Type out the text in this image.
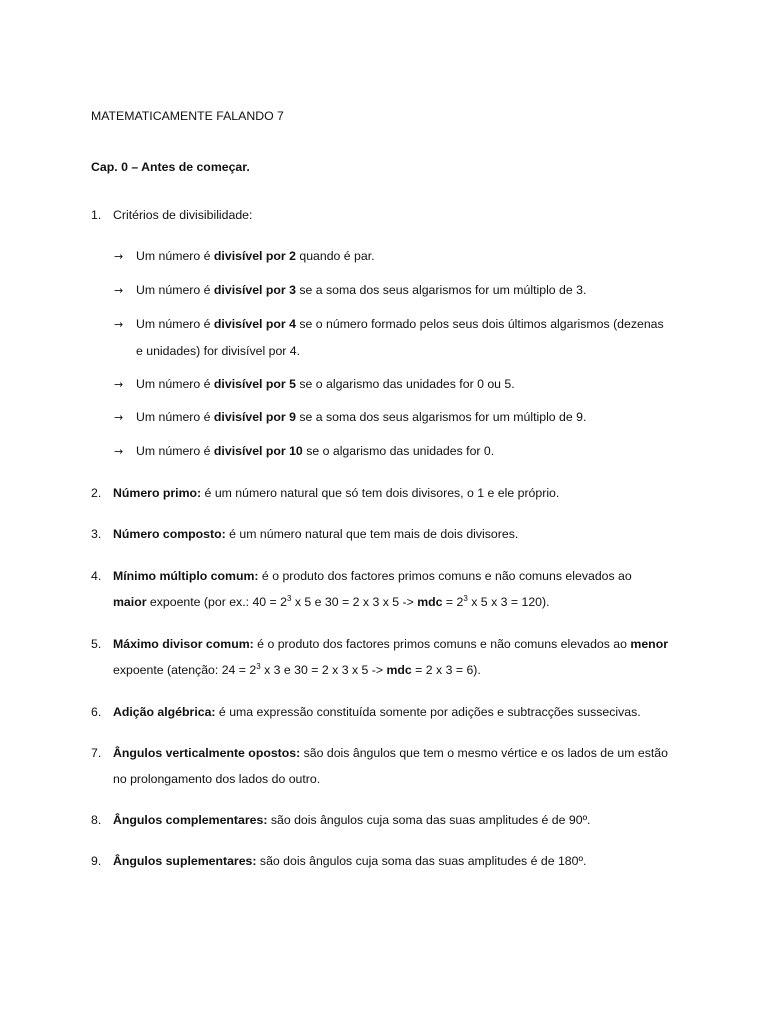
MATEMATICAMENTE FALANDO 7
Cap. 0 – Antes de começar.
1. Critérios de divisibilidade:
→	Um número é divisível por 2 quando é par.
→	Um número é divisível por 3 se a soma dos seus algarismos for um múltiplo de 3.
→	Um número é divisível por 4 se o número formado pelos seus dois últimos algarismos (dezenas
e unidades) for divisível por 4.
→	Um número é divisível por 5 se o algarismo das unidades for 0 ou 5.
→	Um número é divisível por 9 se a soma dos seus algarismos for um múltiplo de 9.
→	Um número é divisível por 10 se o algarismo das unidades for 0.
2. Número primo: é um número natural que só tem dois divisores, o 1 e ele próprio.
3. Número composto: é um número natural que tem mais de dois divisores.
4. Mínimo múltiplo comum: é o produto dos factores primos comuns e não comuns elevados ao
maior expoente (por ex.: $40 = 2^3$ x 5 e 30 = 2 x 3 x 5 -> mdc = $2^3$ x 5 x 3 = 120).
5. Máximo divisor comum: é o produto dos factores primos comuns e não comuns elevados ao menor
expoente (atenção: $24 = 2^3$ x 3 e 30 = 2 x 3 x 5 -> mdc = 2 x 3 = 6).
6. Adição algébrica: é uma expressão constituída somente por adições e subtracções sussecivas.
7. Ângulos verticalmente opostos: são dois ângulos que tem o mesmo vértice e os lados de um estão
no prolongamento dos lados do outro.
8. Ângulos complementares: são dois ângulos cuja soma das suas amplitudes é de 90º.
9. Ângulos suplementares: são dois ângulos cuja soma das suas amplitudes é de 180º.
